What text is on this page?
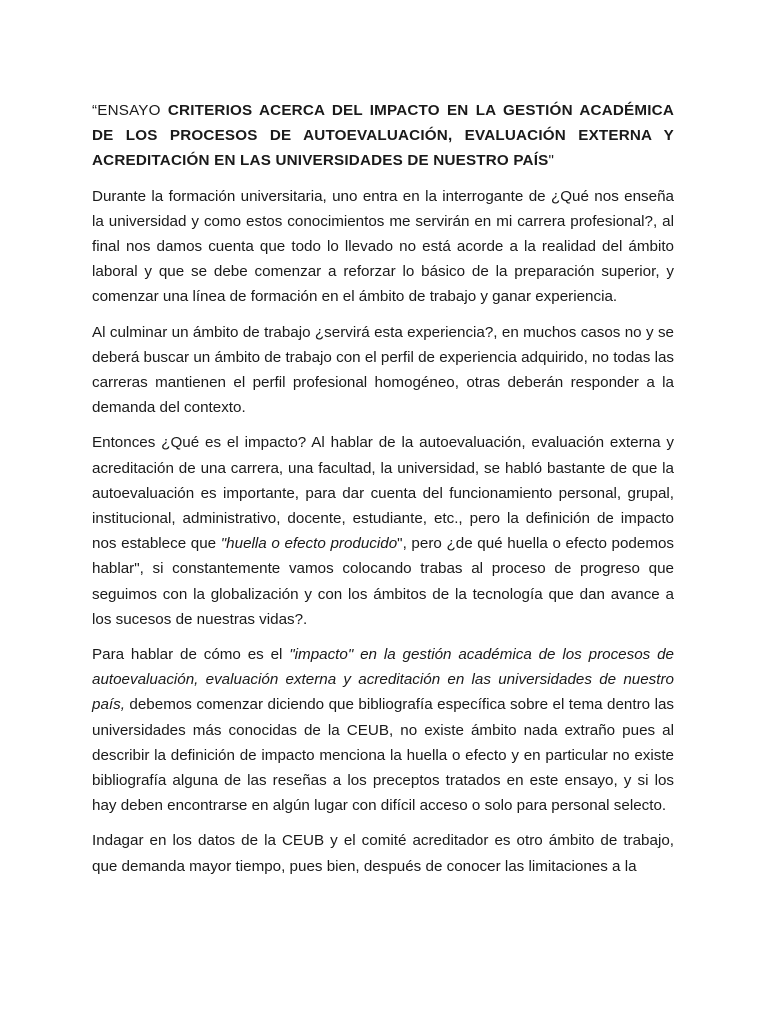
“ENSAYO CRITERIOS ACERCA DEL IMPACTO EN LA GESTIÓN ACADÉMICA DE LOS PROCESOS DE AUTOEVALUACIÓN, EVALUACIÓN EXTERNA Y ACREDITACIÓN EN LAS UNIVERSIDADES DE NUESTRO PAÍS"

Durante la formación universitaria, uno entra en la interrogante de ¿Qué nos enseña la universidad y como estos conocimientos me servirán en mi carrera profesional?, al final nos damos cuenta que todo lo llevado no está acorde a la realidad del ámbito laboral y que se debe comenzar a reforzar lo básico de la preparación superior, y comenzar una línea de formación en el ámbito de trabajo y ganar experiencia.

Al culminar un ámbito de trabajo ¿servirá esta experiencia?, en muchos casos no y se deberá buscar un ámbito de trabajo con el perfil de experiencia adquirido, no todas las carreras mantienen el perfil profesional homogéneo, otras deberán responder a la demanda del contexto.

Entonces ¿Qué es el impacto? Al hablar de la autoevaluación, evaluación externa y acreditación de una carrera, una facultad, la universidad, se habló bastante de que la autoevaluación es importante, para dar cuenta del funcionamiento personal, grupal, institucional, administrativo, docente, estudiante, etc., pero la definición de impacto nos establece que "huella o efecto producido", pero ¿de qué huella o efecto podemos hablar", si constantemente vamos colocando trabas al proceso de progreso que seguimos con la globalización y con los ámbitos de la tecnología que dan avance a los sucesos de nuestras vidas?.

Para hablar de cómo es el "impacto" en la gestión académica de los procesos de autoevaluación, evaluación externa y acreditación en las universidades de nuestro país, debemos comenzar diciendo que bibliografía específica sobre el tema dentro las universidades más conocidas de la CEUB, no existe ámbito nada extraño pues al describir la definición de impacto menciona la huella o efecto y en particular no existe bibliografía alguna de las reseñas a los preceptos tratados en este ensayo, y si los hay deben encontrarse en algún lugar con difícil acceso o solo para personal selecto.

Indagar en los datos de la CEUB y el comité acreditador es otro ámbito de trabajo, que demanda mayor tiempo, pues bien, después de conocer las limitaciones a la
